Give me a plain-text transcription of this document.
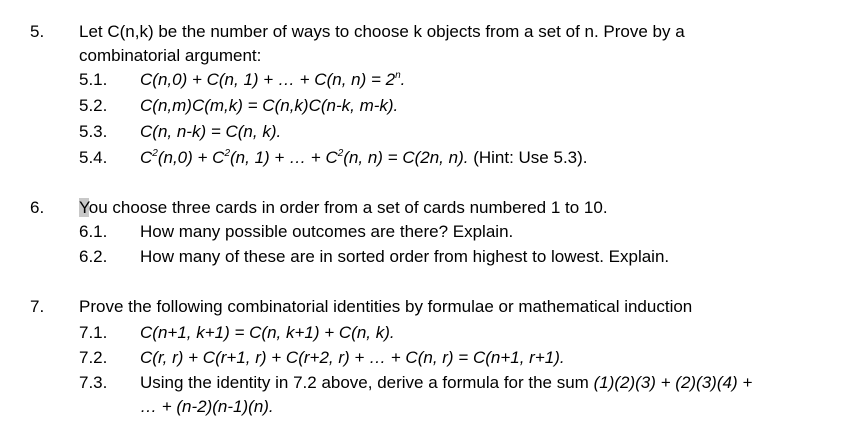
5. Let C(n,k) be the number of ways to choose k objects from a set of n. Prove by a
combinatorial argument:
5.1. C(n,0) + C(n, 1) + … + C(n, $n) = 2^n$.
5.2. C(n,m)C(m,k) = C(n,k)C(n-k, m-k).
5.3. C(n, n-k) = C(n, k).
5.4. $C^2(n,0) + C^2(n$, 1) + … + $C^2(n$, n) = C(2n, n). (Hint: Use 5.3).
6. You choose three cards in order from a set of cards numbered 1 to 10.
6.1. How many possible outcomes are there? Explain.
6.2. How many of these are in sorted order from highest to lowest. Explain.
7. Prove the following combinatorial identities by formulae or mathematical induction
7.1. C(n+1, k+1) = C(n, k+1) + C(n, k).
7.2. C(r, r) + C(r+1, r) + C(r+2, r) + … + C(n, r) = C(n+1, r+1).
7.3. Using the identity in 7.2 above, derive a formula for the sum (1)(2)(3) + (2)(3)(4) +
… + (n-2)(n-1)(n).
